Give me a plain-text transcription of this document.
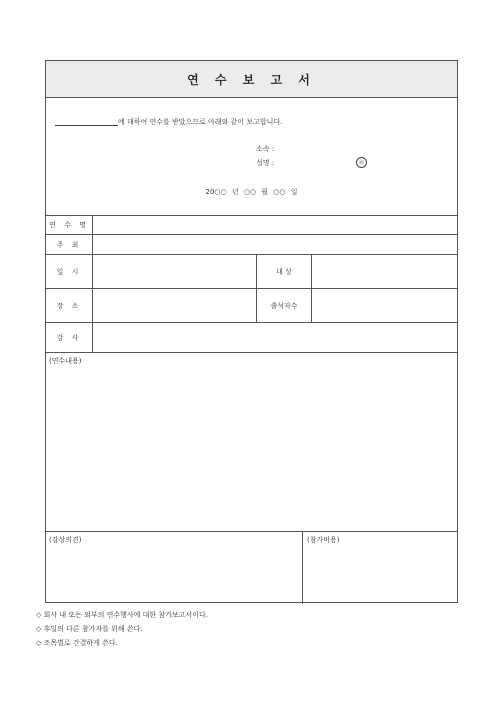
연 수 보 고 서
에 대하여 연수를 받았으므로 아래와 같이 보고합니다.
소속 :
성명 :	㊞
20○○ 년 ○○ 월 ○○ 일
연 수 명
주 최
일 시	대 상
장 소	출석자수
강 사
(연수내용)
(감상의견)	(참가비용)
◇ 회사 내 또는 외부의 연수행사에 대한 참가보고서이다.
◇ 후일의 다른 참가자를 위해 쓴다.
◇ 조목별로 간결하게 쓴다.
